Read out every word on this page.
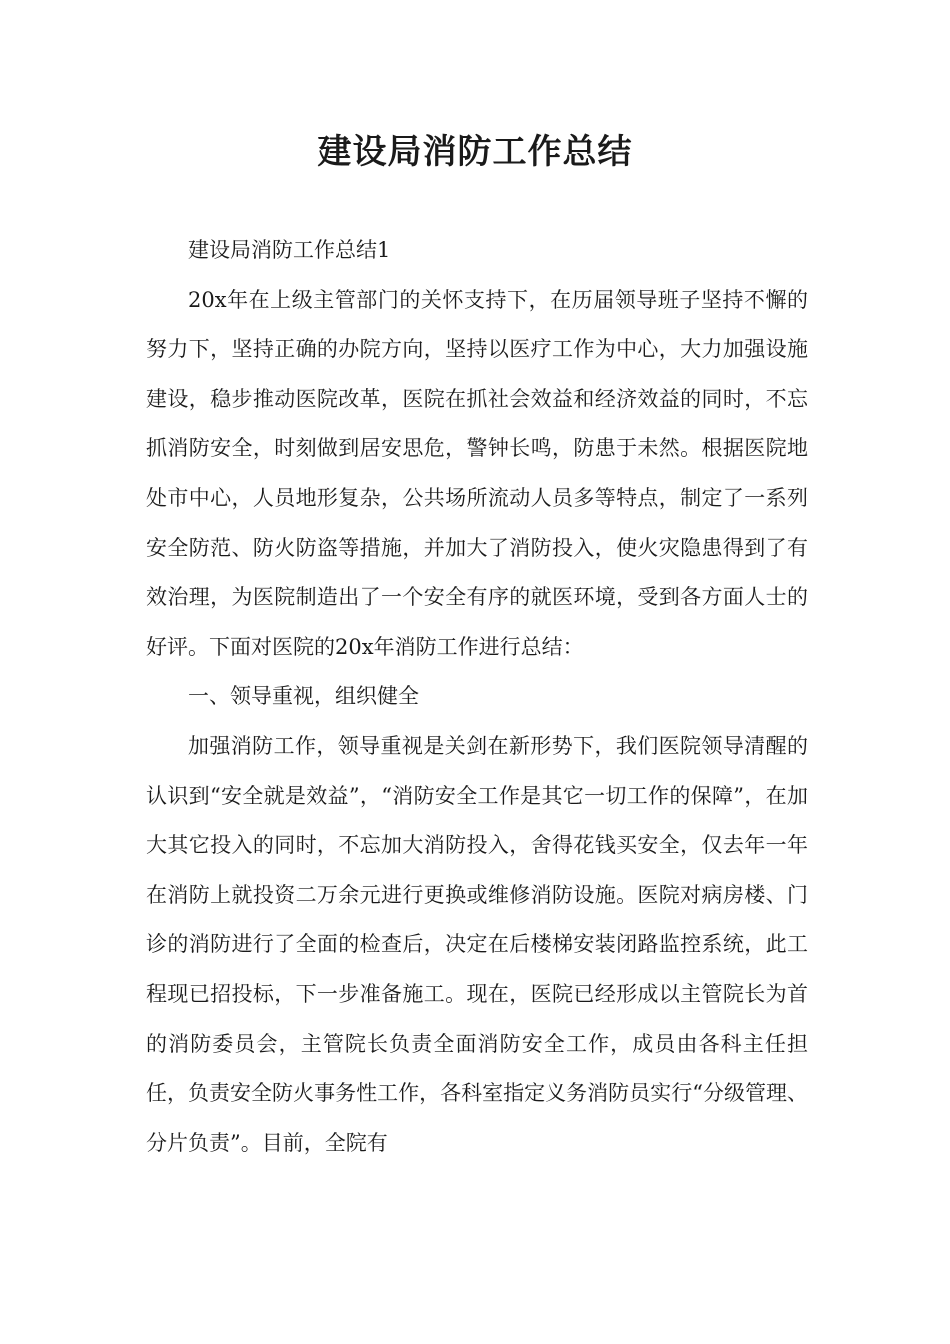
建设局消防工作总结

建设局消防工作总结1

20x年在上级主管部门的关怀支持下，在历届领导班子坚持不懈的努力下，坚持正确的办院方向，坚持以医疗工作为中心，大力加强设施建设，稳步推动医院改革，医院在抓社会效益和经济效益的同时，不忘抓消防安全，时刻做到居安思危，警钟长鸣，防患于未然。根据医院地处市中心，人员地形复杂，公共场所流动人员多等特点，制定了一系列安全防范、防火防盗等措施，并加大了消防投入，使火灾隐患得到了有效治理，为医院制造出了一个安全有序的就医环境，受到各方面人士的好评。下面对医院的20x年消防工作进行总结：

一、领导重视，组织健全

加强消防工作，领导重视是关剑在新形势下，我们医院领导清醒的认识到“安全就是效益”，“消防安全工作是其它一切工作的保障”，在加大其它投入的同时，不忘加大消防投入，舍得花钱买安全，仅去年一年在消防上就投资二万余元进行更换或维修消防设施。医院对病房楼、门诊的消防进行了全面的检查后，决定在后楼梯安装闭路监控系统，此工程现已招投标，下一步准备施工。现在，医院已经形成以主管院长为首的消防委员会，主管院长负责全面消防安全工作，成员由各科主任担任，负责安全防火事务性工作，各科室指定义务消防员实行“分级管理、分片负责”。目前，全院有
